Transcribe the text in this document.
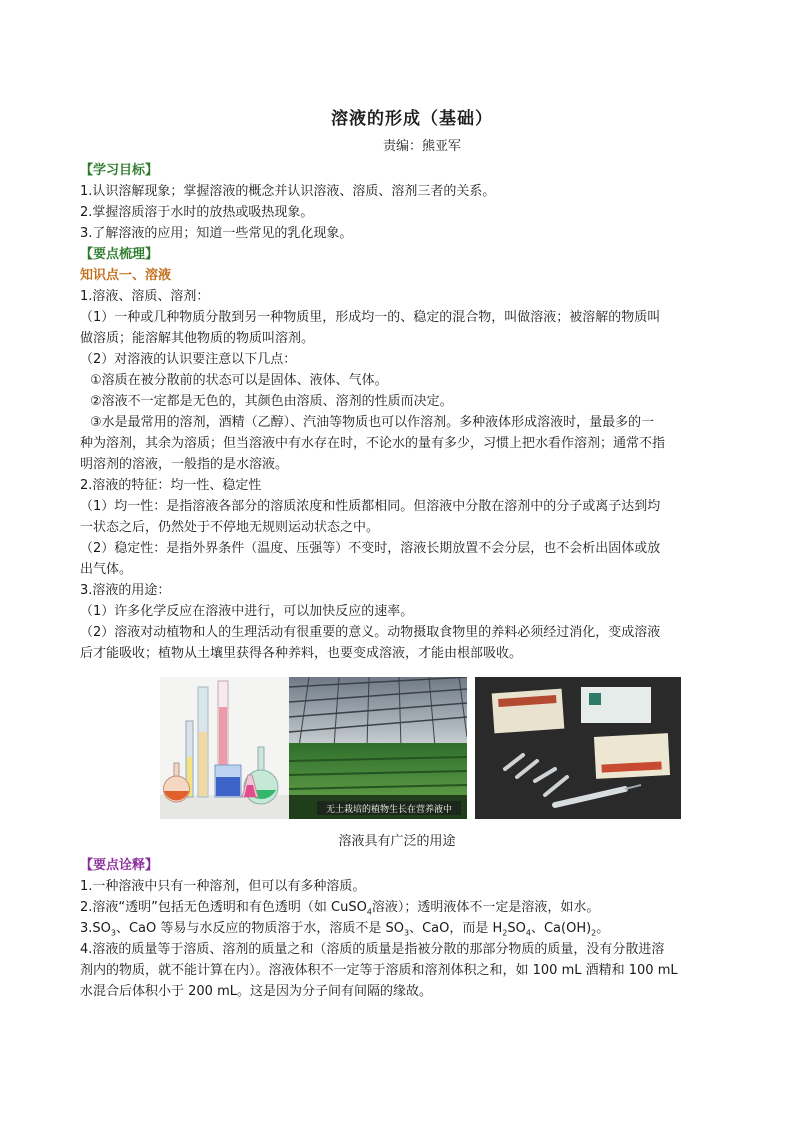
溶液的形成（基础）
责编：熊亚军

【学习目标】

1.认识溶解现象；掌握溶液的概念并认识溶液、溶质、溶剂三者的关系。

2.掌握溶质溶于水时的放热或吸热现象。

3.了解溶液的应用；知道一些常见的乳化现象。

【要点梳理】

知识点一、溶液

1.溶液、溶质、溶剂：

（1）一种或几种物质分散到另一种物质里，形成均一的、稳定的混合物，叫做溶液；被溶解的物质叫

做溶质；能溶解其他物质的物质叫溶剂。

（2）对溶液的认识要注意以下几点：

①溶质在被分散前的状态可以是固体、液体、气体。

②溶液不一定都是无色的，其颜色由溶质、溶剂的性质而决定。

③水是最常用的溶剂，酒精（乙醇）、汽油等物质也可以作溶剂。多种液体形成溶液时，量最多的一

种为溶剂，其余为溶质；但当溶液中有水存在时，不论水的量有多少，习惯上把水看作溶剂；通常不指

明溶剂的溶液，一般指的是水溶液。

2.溶液的特征：均一性、稳定性

（1）均一性：是指溶液各部分的溶质浓度和性质都相同。但溶液中分散在溶剂中的分子或离子达到均

一状态之后，仍然处于不停地无规则运动状态之中。

（2）稳定性：是指外界条件（温度、压强等）不变时，溶液长期放置不会分层，也不会析出固体或放

出气体。

3.溶液的用途：

（1）许多化学反应在溶液中进行，可以加快反应的速率。

（2）溶液对动植物和人的生理活动有很重要的意义。动物摄取食物里的养料必须经过消化，变成溶液

后才能吸收；植物从土壤里获得各种养料，也要变成溶液，才能由根部吸收。

无土栽培的植物生长在营养液中
溶液具有广泛的用途

【要点诠释】

1.一种溶液中只有一种溶剂，但可以有多种溶质。

2.溶液“透明”包括无色透明和有色透明（如 CuSO$_4$溶液）；透明液体不一定是溶液，如水。

$3.SO_3$、CaO 等易与水反应的物质溶于水，溶质不是 $SO_3$、CaO，而是 $H_2SO_4$、$Ca(OH)_2$。

4.溶液的质量等于溶质、溶剂的质量之和（溶质的质量是指被分散的那部分物质的质量，没有分散进溶

剂内的物质，就不能计算在内）。溶液体积不一定等于溶质和溶剂体积之和，如 100 mL 酒精和 100 mL

水混合后体积小于 200 mL。这是因为分子间有间隔的缘故。
